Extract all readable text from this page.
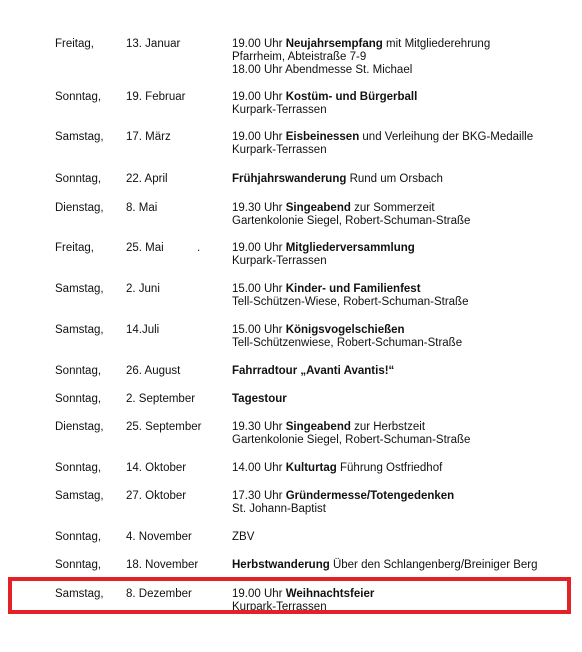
Freitag,	13. Januar	19.00 Uhr Neujahrsempfang mit Mitgliederehrung
Pfarrheim, Abteistraße 7-9
18.00 Uhr Abendmesse St. Michael
Sonntag, 19. Februar	19.00 Uhr Kostüm- und Bürgerball
Kurpark-Terrassen
Samstag, 17. März	19.00 Uhr Eisbeinessen und Verleihung der BKG-Medaille
Kurpark-Terrassen
Sonntag, 22. April	Frühjahrswanderung Rund um Orsbach
Dienstag, 8. Mai	19.30 Uhr Singeabend zur Sommerzeit
Gartenkolonie Siegel, Robert-Schuman-Straße
Freitag,	25. Mai	.	19.00 Uhr Mitgliederversammlung
Kurpark-Terrassen
Samstag, 2. Juni	15.00 Uhr Kinder- und Familienfest
Tell-Schützen-Wiese, Robert-Schuman-Straße
Samstag, 14.Juli	15.00 Uhr Königsvogelschießen
Tell-Schützenwiese, Robert-Schuman-Straße
Sonntag, 26. August	Fahrradtour „Avanti Avantis!“
Sonntag, 2. September	Tagestour
Dienstag, 25. September	19.30 Uhr Singeabend zur Herbstzeit
Gartenkolonie Siegel, Robert-Schuman-Straße
Sonntag, 14. Oktober	14.00 Uhr Kulturtag Führung Ostfriedhof
Samstag, 27. Oktober	17.30 Uhr Gründermesse/Totengedenken
St. Johann-Baptist
Sonntag, 4. November	ZBV
Sonntag, 18. November	Herbstwanderung Über den Schlangenberg/Breiniger Berg
Samstag, 8. Dezember	19.00 Uhr Weihnachtsfeier
Kurpark-Terrassen
